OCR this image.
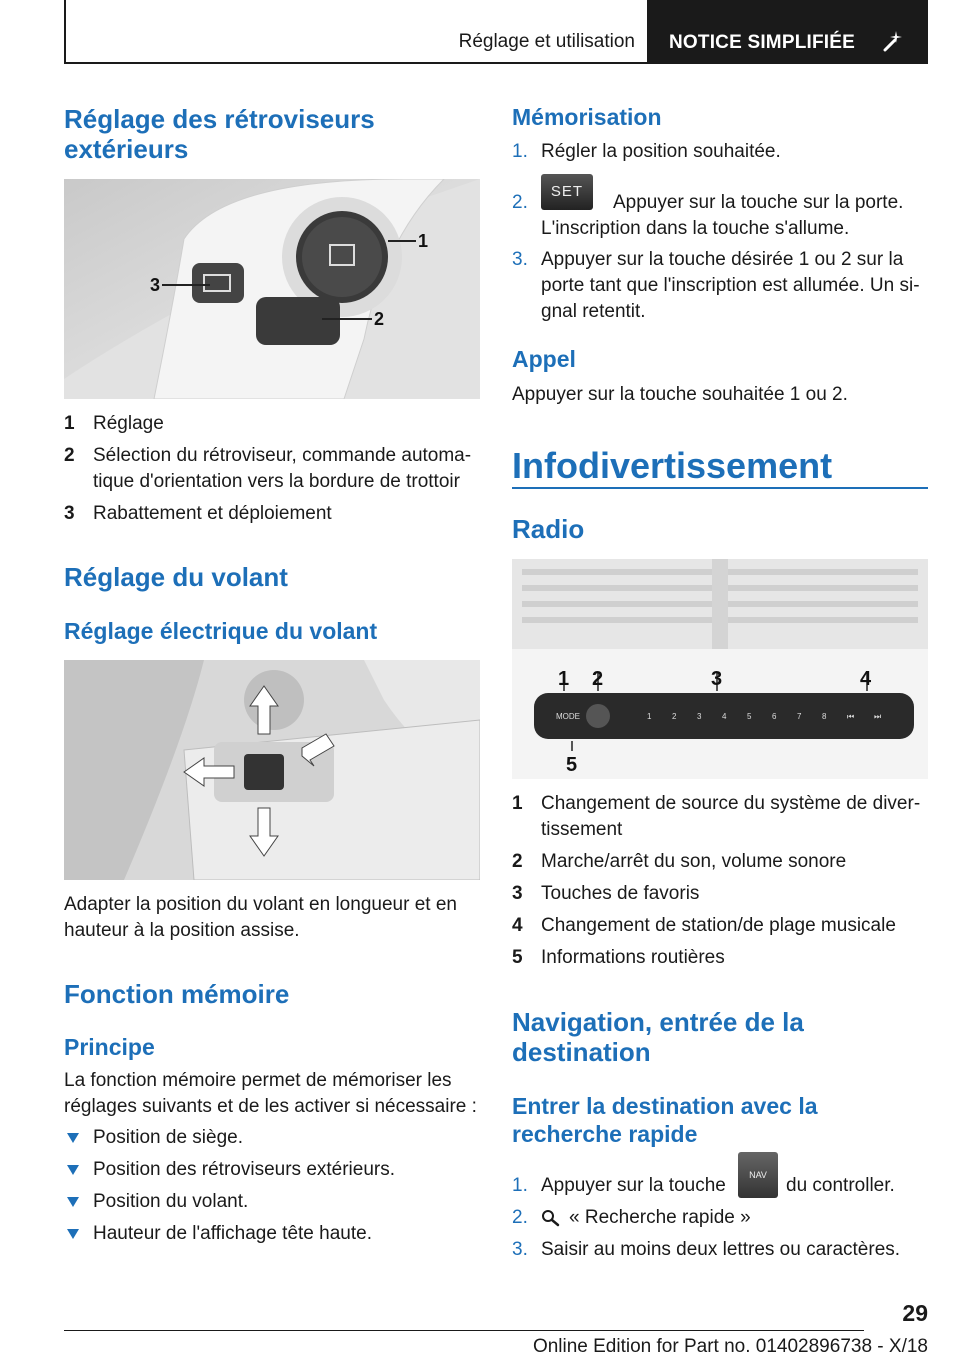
Réglage et utilisation NOTICE SIMPLIFIÉE
Réglage des rétroviseurs extérieurs
1
2
3
1 Réglage
2 Sélection du rétroviseur, commande automa-tique d'orientation vers la bordure de trottoir
3 Rabattement et déploiement
Réglage du volant
Réglage électrique du volant
Adapter la position du volant en longueur et en hauteur à la position assise.
Fonction mémoire
Principe
La fonction mémoire permet de mémoriser les réglages suivants et de les activer si nécessaire :
Position de siège.
Position des rétroviseurs extérieurs.
Position du volant.
Hauteur de l'affichage tête haute.
Mémorisation
1. Régler la position souhaitée.
2.
SET
Appuyer sur la touche sur la porte. L'inscription dans la touche s'allume.
3. Appuyer sur la touche désirée 1 ou 2 sur la porte tant que l'inscription est allumée. Un si-gnal retentit.
Appel
Appuyer sur la touche souhaitée 1 ou 2.
Infodivertissement
Radio
MODE	1	2	3	4	5	6	7	8	⏮ ⏭
1 2	3	4
5
1 Changement de source du système de diver-tissement
2 Marche/arrêt du son, volume sonore
3 Touches de favoris
4 Changement de station/de plage musicale
5 Informations routières
Navigation, entrée de la destination
Entrer la destination avec la recherche rapide
1. Appuyer sur la touche	NAV	du controller.
2. « Recherche rapide »
3. Saisir au moins deux lettres ou caractères.
29
Online Edition for Part no. 01402896738 - X/18
